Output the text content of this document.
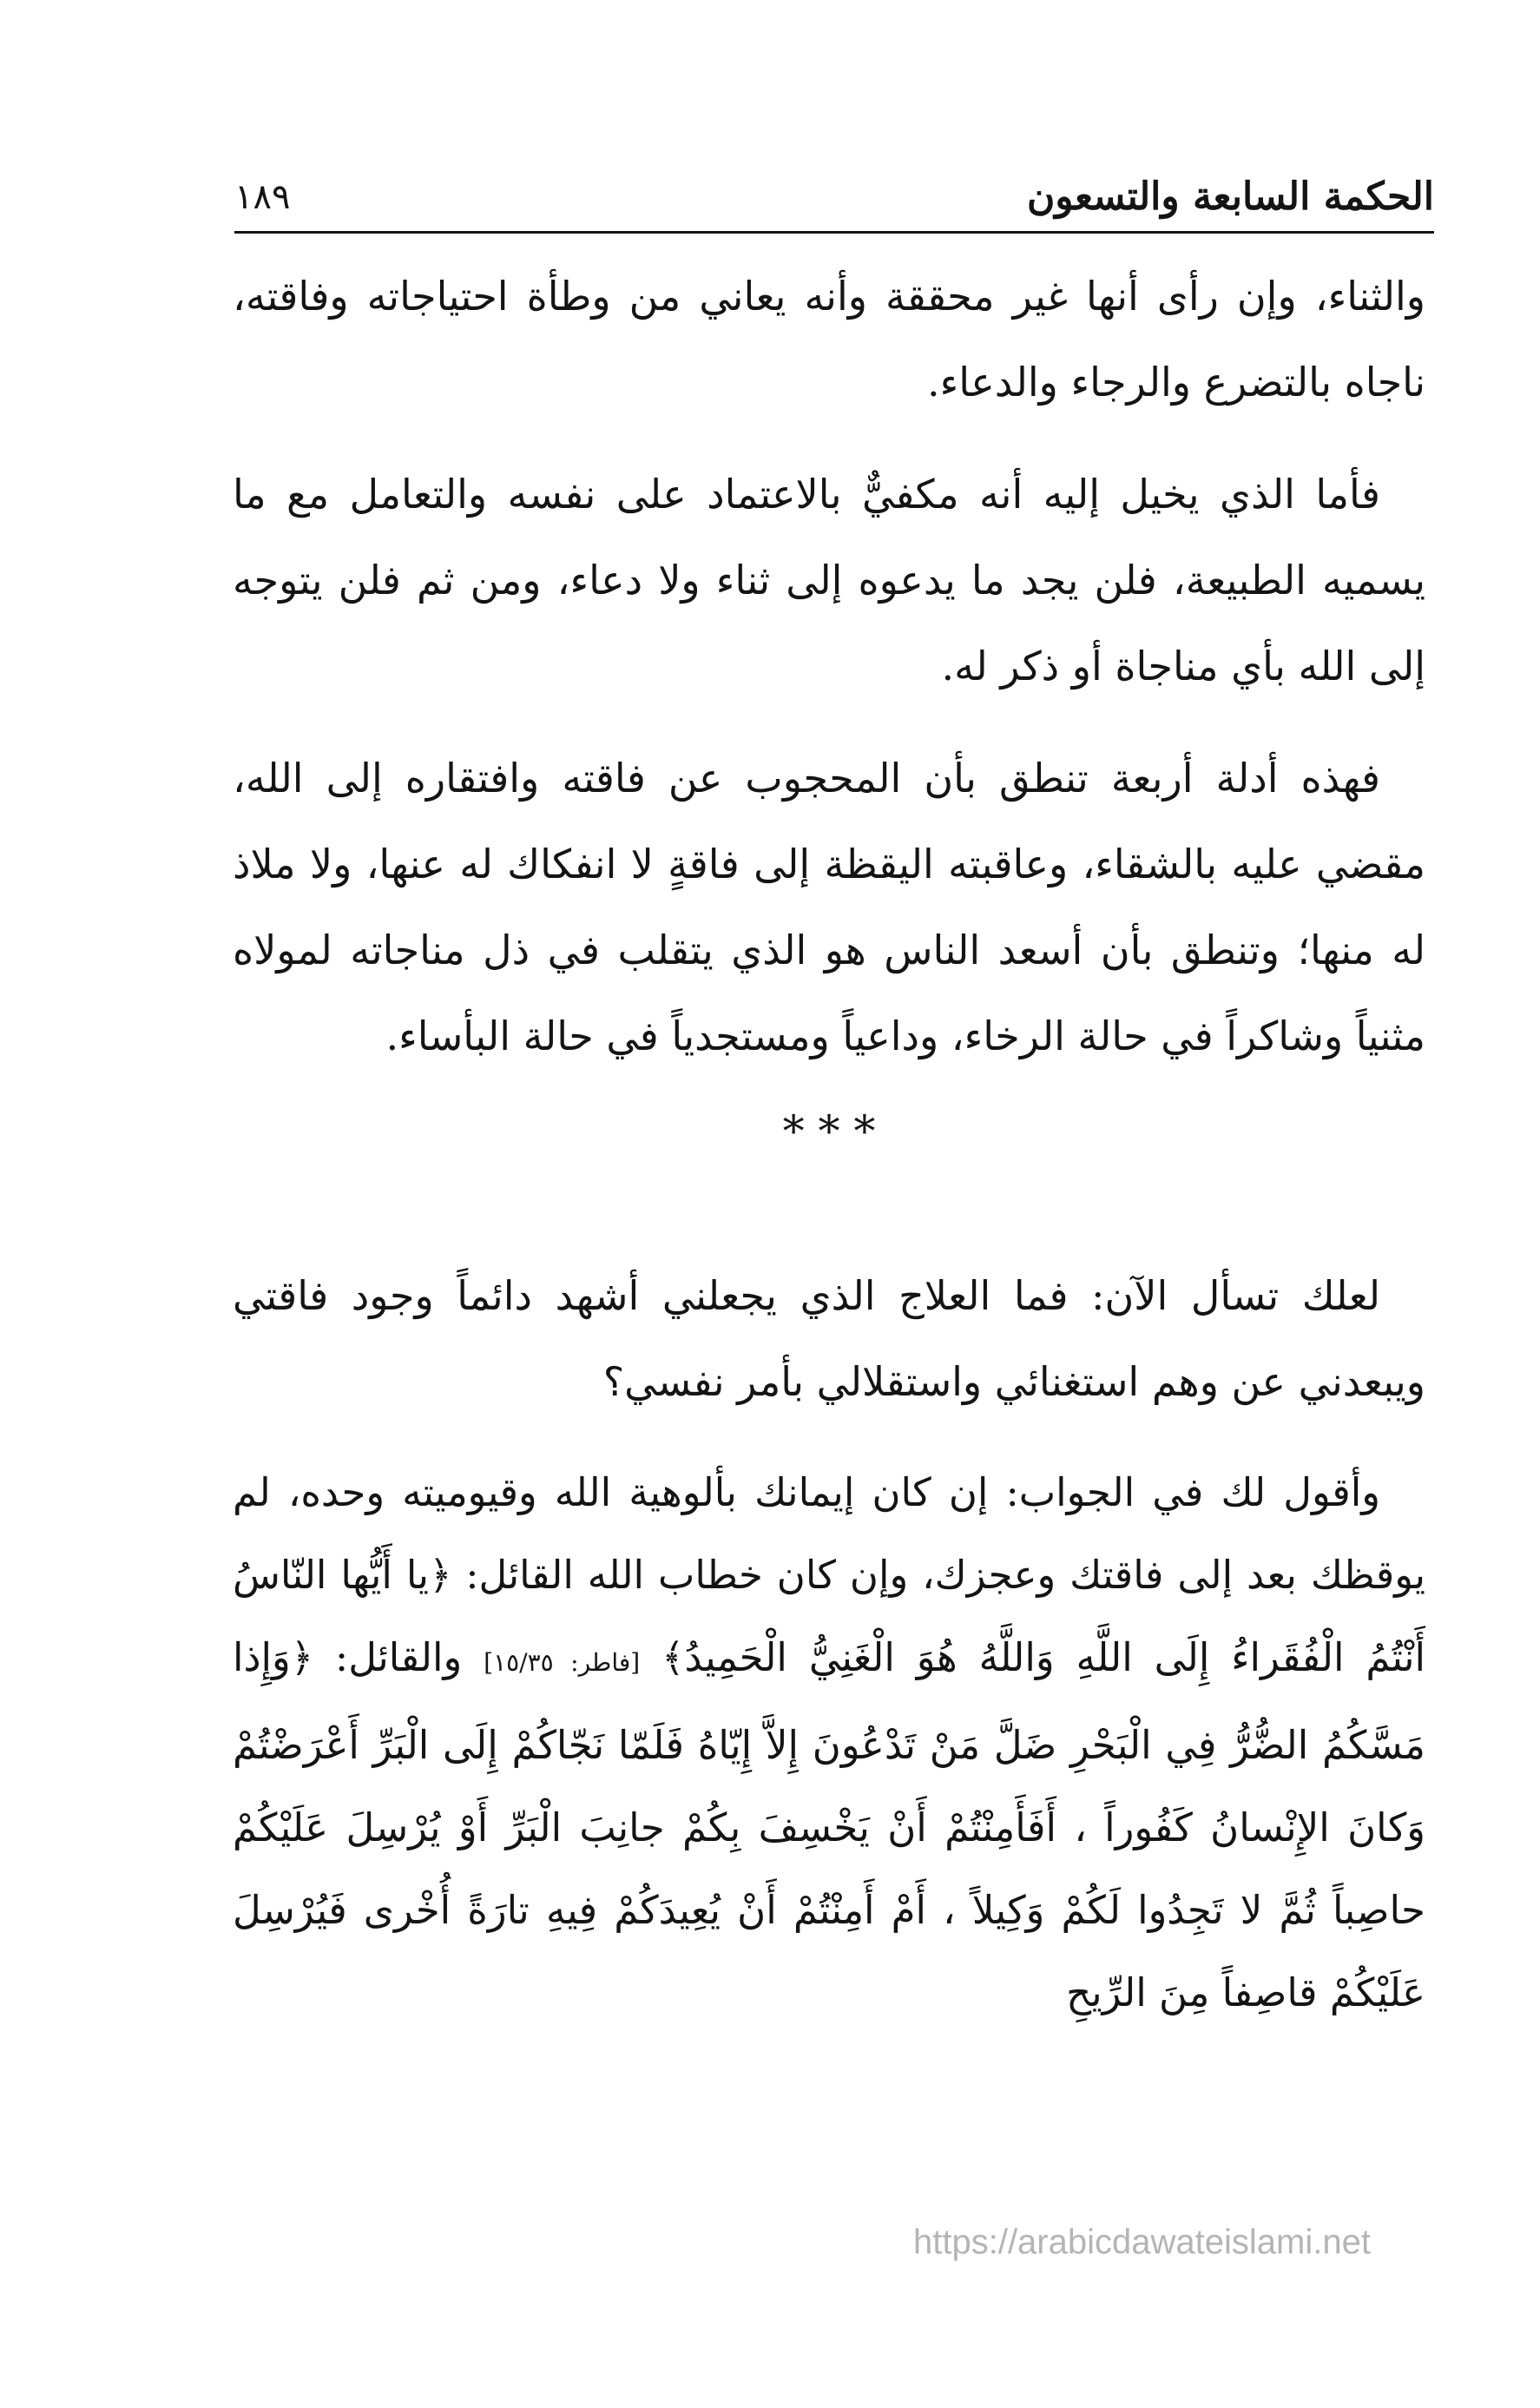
الحكمة السابعة والتسعون
١٨٩

والثناء، وإن رأى أنها غير محققة وأنه يعاني من وطأة احتياجاته وفاقته، ناجاه بالتضرع والرجاء والدعاء.

فأما الذي يخيل إليه أنه مكفيٌّ بالاعتماد على نفسه والتعامل مع ما يسميه الطبيعة، فلن يجد ما يدعوه إلى ثناء ولا دعاء، ومن ثم فلن يتوجه إلى الله بأي مناجاة أو ذكر له.

فهذه أدلة أربعة تنطق بأن المحجوب عن فاقته وافتقاره إلى الله، مقضي عليه بالشقاء، وعاقبته اليقظة إلى فاقةٍ لا انفكاك له عنها، ولا ملاذ له منها؛ وتنطق بأن أسعد الناس هو الذي يتقلب في ذل مناجاته لمولاه مثنياً وشاكراً في حالة الرخاء، وداعياً ومستجدياً في حالة البأساء.

* * *

لعلك تسأل الآن: فما العلاج الذي يجعلني أشهد دائماً وجود فاقتي ويبعدني عن وهم استغنائي واستقلالي بأمر نفسي؟

وأقول لك في الجواب: إن كان إيمانك بألوهية الله وقيوميته وحده، لم يوقظك بعد إلى فاقتك وعجزك، وإن كان خطاب الله القائل: ﴿يا أَيُّها النّاسُ أَنْتُمُ الْفُقَراءُ إِلَى اللَّهِ وَاللَّهُ هُوَ الْغَنِيُّ الْحَمِيدُ﴾ [فاطر: ١٥/٣٥] والقائل: ﴿وَإِذا مَسَّكُمُ الضُّرُّ فِي الْبَحْرِ ضَلَّ مَنْ تَدْعُونَ إِلاَّ إِيّاهُ فَلَمّا نَجّاكُمْ إِلَى الْبَرِّ أَعْرَضْتُمْ وَكانَ الإِنْسانُ كَفُوراً ، أَفَأَمِنْتُمْ أَنْ يَخْسِفَ بِكُمْ جانِبَ الْبَرِّ أَوْ يُرْسِلَ عَلَيْكُمْ حاصِباً ثُمَّ لا تَجِدُوا لَكُمْ وَكِيلاً ، أَمْ أَمِنْتُمْ أَنْ يُعِيدَكُمْ فِيهِ تارَةً أُخْرى فَيُرْسِلَ عَلَيْكُمْ قاصِفاً مِنَ الرِّيحِ

https://arabicdawateislami.net
